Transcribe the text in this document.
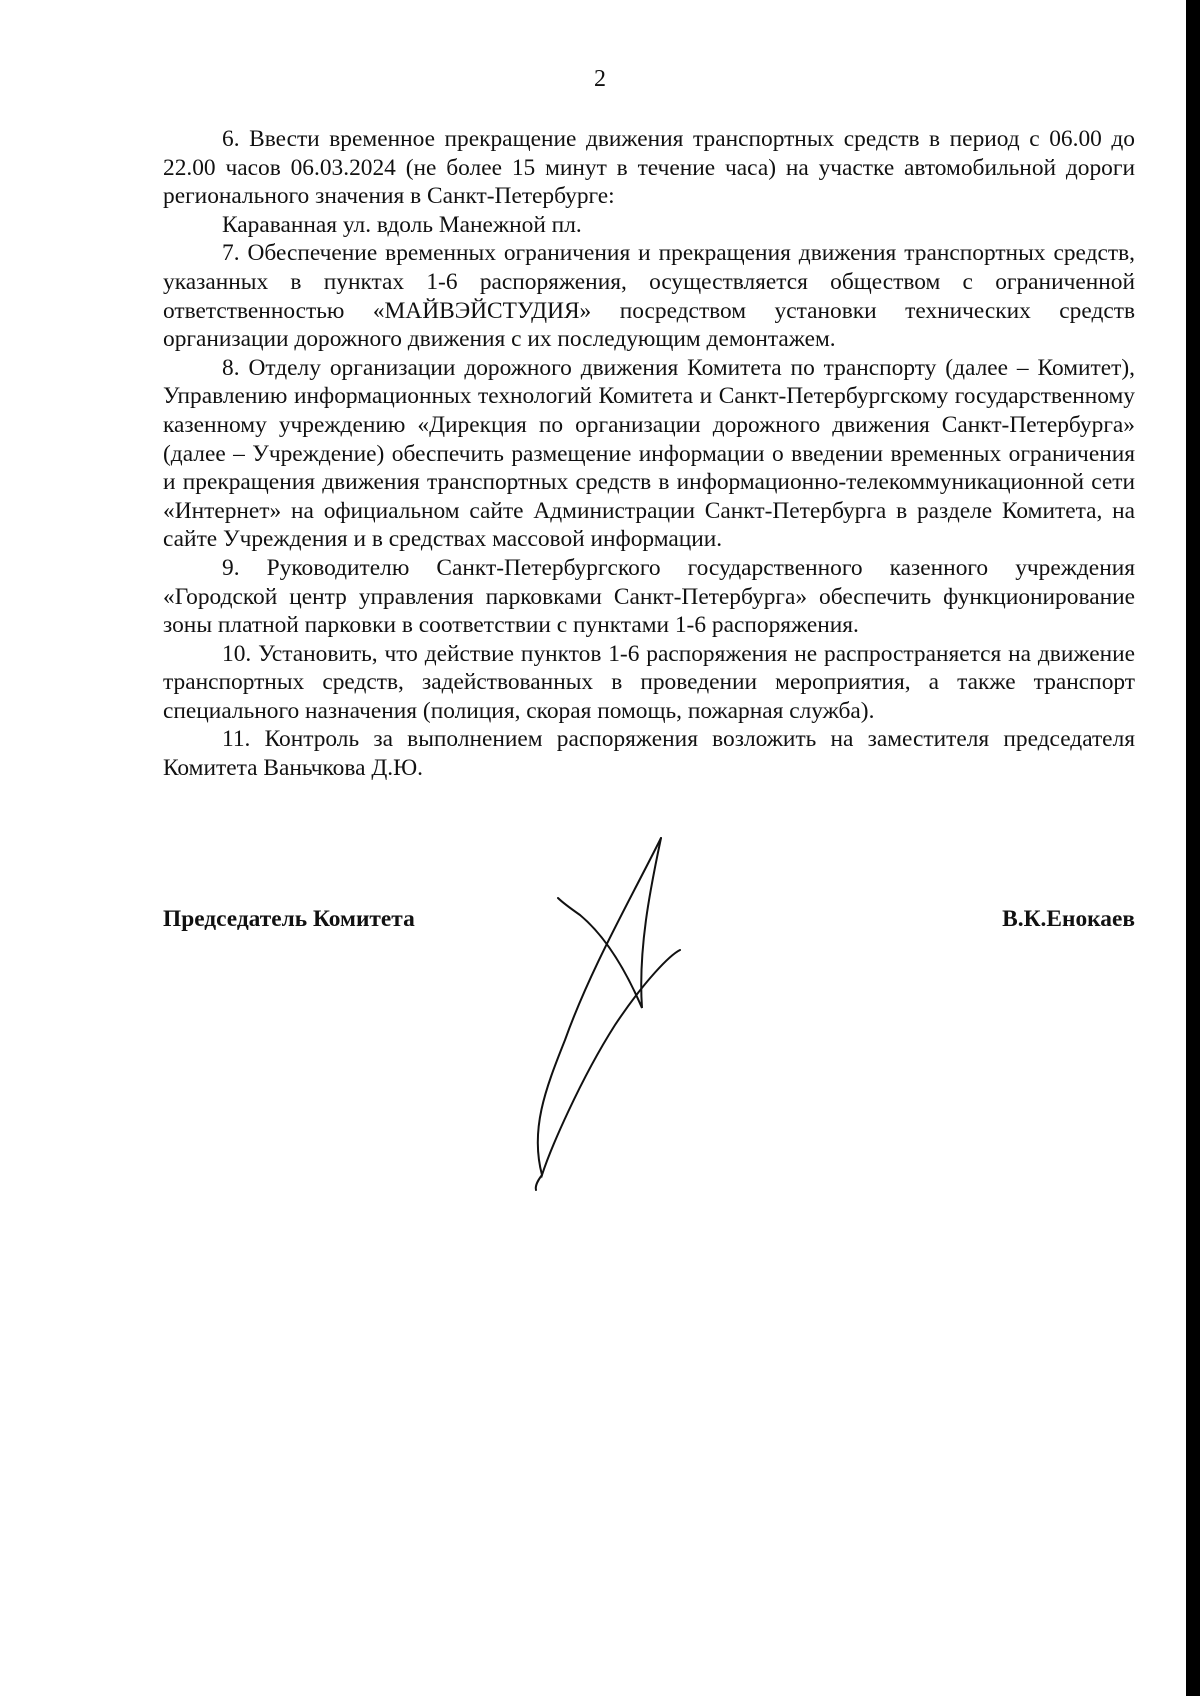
2

6. Ввести временное прекращение движения транспортных средств в период с 06.00 до 22.00 часов 06.03.2024 (не более 15 минут в течение часа) на участке автомобильной дороги регионального значения в Санкт-Петербурге:

Караванная ул. вдоль Манежной пл.

7. Обеспечение временных ограничения и прекращения движения транспортных средств, указанных в пунктах 1-6 распоряжения, осуществляется обществом с ограниченной ответственностью «МАЙВЭЙСТУДИЯ» посредством установки технических средств организации дорожного движения с их последующим демонтажем.

8. Отделу организации дорожного движения Комитета по транспорту (далее – Комитет), Управлению информационных технологий Комитета и Санкт-Петербургскому государственному казенному учреждению «Дирекция по организации дорожного движения Санкт-Петербурга» (далее – Учреждение) обеспечить размещение информации о введении временных ограничения и прекращения движения транспортных средств в информационно-телекоммуникационной сети «Интернет» на официальном сайте Администрации Санкт-Петербурга в разделе Комитета, на сайте Учреждения и в средствах массовой информации.

9. Руководителю Санкт-Петербургского государственного казенного учреждения «Городской центр управления парковками Санкт-Петербурга» обеспечить функционирование зоны платной парковки в соответствии с пунктами 1-6 распоряжения.

10. Установить, что действие пунктов 1-6 распоряжения не распространяется на движение транспортных средств, задействованных в проведении мероприятия, а также транспорт специального назначения (полиция, скорая помощь, пожарная служба).

11. Контроль за выполнением распоряжения возложить на заместителя председателя Комитета Ваньчкова Д.Ю.

Председатель Комитета	В.К.Енокаев
